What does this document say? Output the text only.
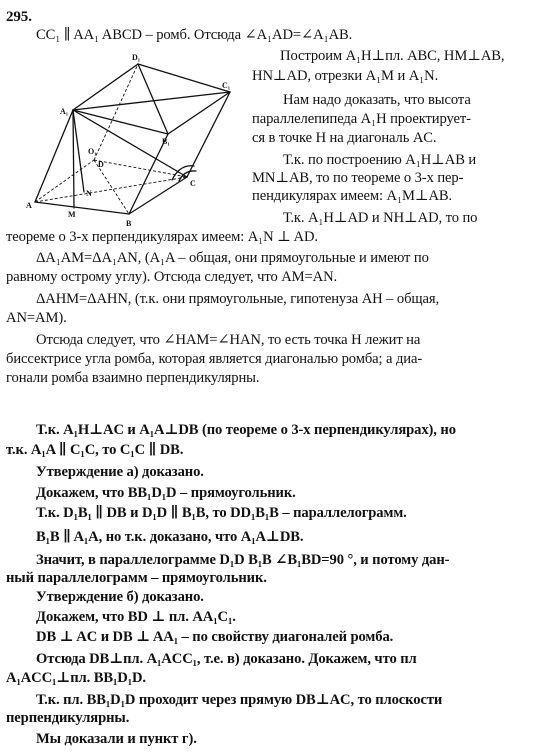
295.
CC₁ ∥ AA₁ ABCD – ромб. Отсюда ∠A₁AD=∠A₁AB.
Построим A₁H⊥пл. ABC, HM⊥AB,
HN⊥AD, отрезки A₁M и A₁N.
Нам надо доказать, что высота
параллелепипеда A₁H проектирует-
ся в точке H на диагональ AC.
Т.к. по построению A₁H⊥AB и
MN⊥AB, то по теореме о 3-х пер-
пендикулярах имеем: A₁M⊥AB.
Т.к. A₁H⊥AD и NH⊥AD, то по
теореме о 3-х перпендикулярах имеем: A₁N ⊥ AD.
ΔA₁AM=ΔA₁AN, (A₁A – общая, они прямоугольные и имеют по
равному острому углу). Отсюда следует, что AM=AN.
ΔAHM=ΔAHN, (т.к. они прямоугольные, гипотенуза AH – общая,
AN=AM).
Отсюда следует, что ∠HAM=∠HAN, то есть точка H лежит на
биссектрисе угла ромба, которая является диагональю ромба; а диа-
гонали ромба взаимно перпендикулярны.
Т.к. A₁H⊥AC и A₁A⊥DB (по теореме о 3-х перпендикулярах), но
т.к. A₁A ∥ C₁C, то C₁C ∥ DB.
Утверждение а) доказано.
Докажем, что BB₁D₁D – прямоугольник.
Т.к. D₁B₁ ∥ DB и D₁D ∥ B₁B, то DD₁B₁B – параллелограмм.
B₁B ∥ A₁A, но т.к. доказано, что A₁A⊥DB.
Значит, в параллелограмме D₁D B₁B ∠B₁BD=90 °, и потому дан-
ный параллелограмм – прямоугольник.
Утверждение б) доказано.
Докажем, что BD ⊥ пл. AA₁C₁.
DB ⊥ AC и DB ⊥ AA₁ – по свойству диагоналей ромба.
Отсюда DB⊥пл. A₁ACC₁, т.е. в) доказано. Докажем, что пл
A₁ACC₁⊥пл. BB₁D₁D.
Т.к. пл. BB₁D₁D проходит через прямую DB⊥AC, то плоскости
перпендикулярны.
Мы доказали и пункт г).
D₁
C₁
A₁
B₁
O₁
D
C
A
M
N
B
